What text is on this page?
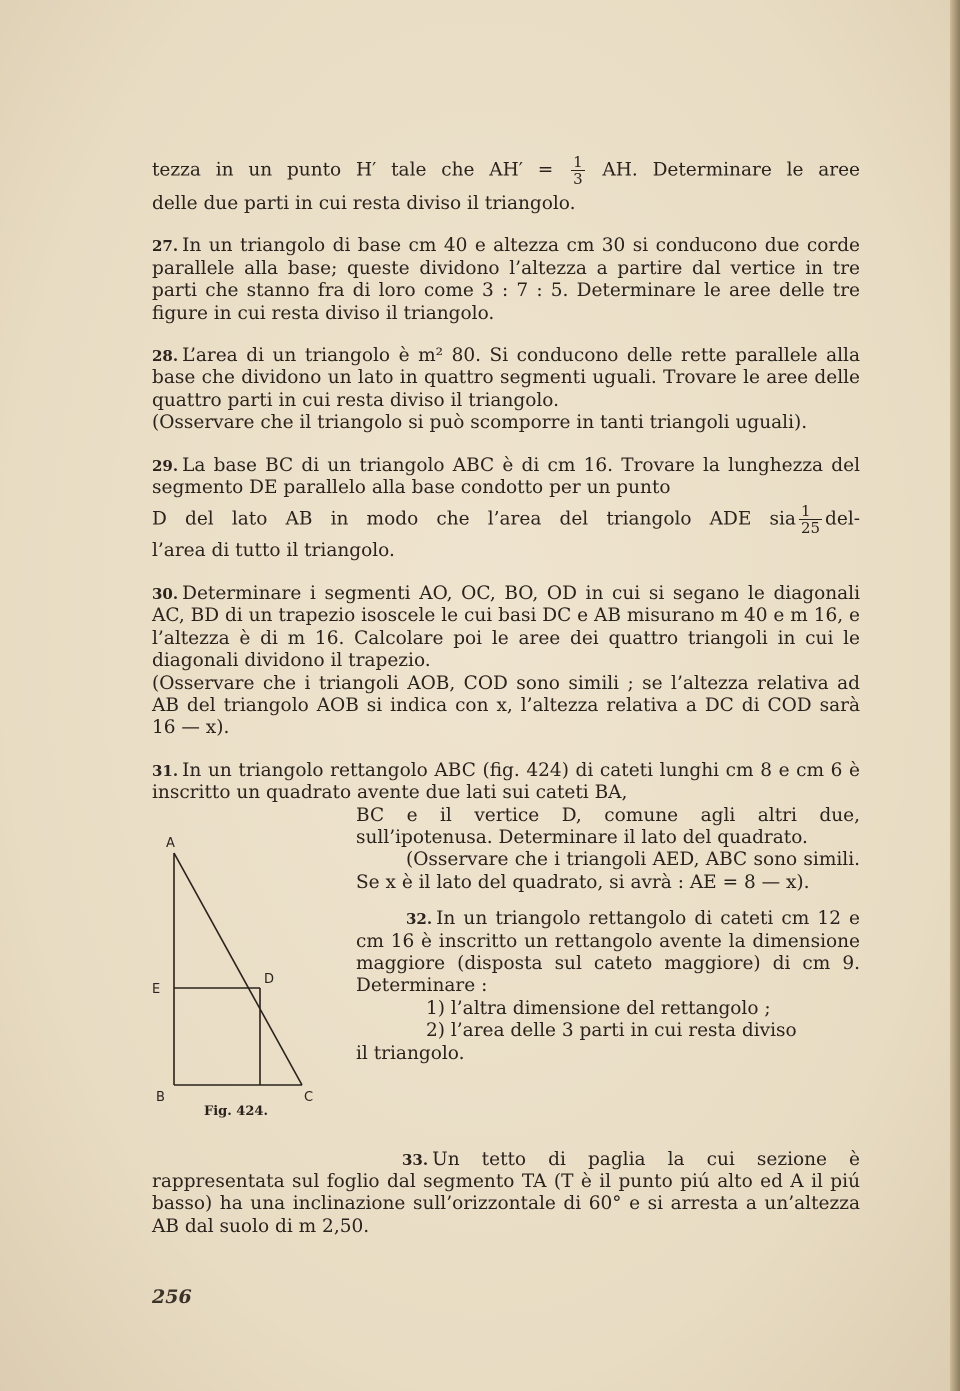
tezza in un punto H′ tale che $AH' = \frac{1}{3}$ AH. Determinare le aree

delle due parti in cui resta diviso il triangolo.

27. In un triangolo di base cm 40 e altezza cm 30 si conducono due corde parallele alla base; queste dividono l’altezza a partire dal vertice in tre parti che stanno fra di loro come 3 : 7 : 5. Determinare le aree delle tre figure in cui resta diviso il triangolo.

28. L’area di un triangolo è m² 80. Si conducono delle rette parallele alla base che dividono un lato in quattro segmenti uguali. Trovare le aree delle quattro parti in cui resta diviso il triangolo.

(Osservare che il triangolo si può scomporre in tanti triangoli uguali).

29. La base BC di un triangolo ABC è di cm 16. Trovare la lunghezza del segmento DE parallelo alla base condotto per un punto

D del lato AB in modo che l’area del triangolo ADE sia $\frac{1}{25} del-$

l’area di tutto il triangolo.

30. Determinare i segmenti AO, OC, BO, OD in cui si segano le diagonali AC, BD di un trapezio isoscele le cui basi DC e AB misurano m 40 e m 16, e l’altezza è di m 16. Calcolare poi le aree dei quattro triangoli in cui le diagonali dividono il trapezio.

(Osservare che i triangoli AOB, COD sono simili ; se l’altezza relativa ad AB del triangolo AOB si indica con x, l’altezza relativa a DC di COD sarà 16 — x).

31. In un triangolo rettangolo ABC (fig. 424) di cateti lunghi cm 8 e cm 6 è inscritto un quadrato avente due lati sui cateti BA,

A
E
D
B	C
Fig. 424.

BC e il vertice D, comune agli altri due, sull’ipotenusa. Determinare il lato del quadrato.

(Osservare che i triangoli AED, ABC sono simili. Se x è il lato del quadrato, si avrà : AE = 8 — x).

32. In un triangolo rettangolo di cateti cm 12 e cm 16 è inscritto un rettangolo avente la dimensione maggiore (disposta sul cateto maggiore) di cm 9. Determinare :

1) l’altra dimensione del rettangolo ;

2) l’area delle 3 parti in cui resta diviso

il triangolo.

33. Un tetto di paglia la cui sezione è rappresentata sul foglio dal segmento TA (T è il punto piú alto ed A il piú basso) ha una inclinazione sull’orizzontale di 60° e si arresta a un’altezza AB dal suolo di m 2,50.

256
